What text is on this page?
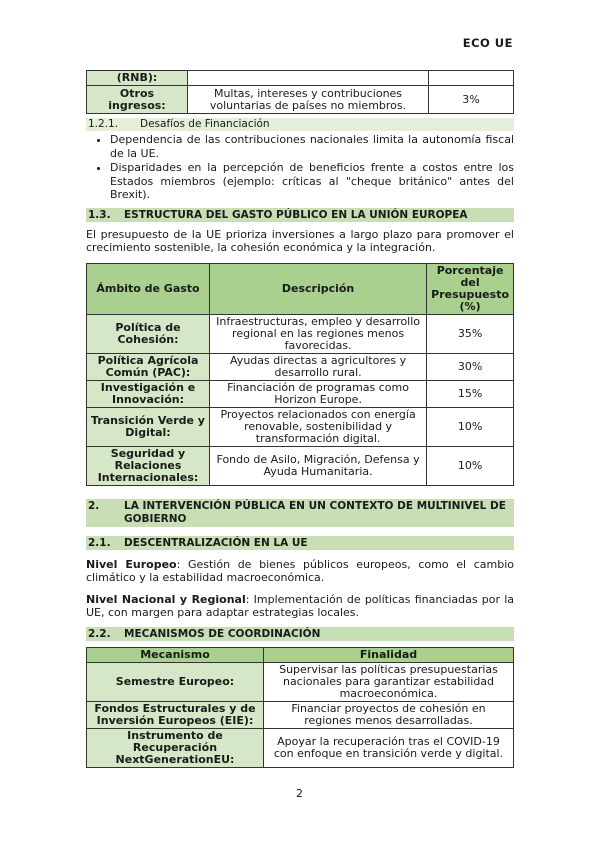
ECO UE
(RNB):		
Otros ingresos:	Multas, intereses y contribuciones voluntarias de países no miembros.	3%
1.2.1. Desafíos de Financiación
• Dependencia de las contribuciones nacionales limita la autonomía fiscal de la UE.
• Disparidades en la percepción de beneficios frente a costos entre los Estados miembros (ejemplo: críticas al "cheque británico" antes del Brexit).
1.3. ESTRUCTURA DEL GASTO PÚBLICO EN LA UNIÓN EUROPEA

El presupuesto de la UE prioriza inversiones a largo plazo para promover el crecimiento sostenible, la cohesión económica y la integración.

Ámbito de Gasto	Descripción	Porcentaje del Presupuesto (%)
Política de Cohesión:	Infraestructuras, empleo y desarrollo regional en las regiones menos favorecidas.	35%
Política Agrícola Común (PAC):	Ayudas directas a agricultores y desarrollo rural.	30%
Investigación e Innovación:	Financiación de programas como Horizon Europe.	15%
Transición Verde y Digital:	Proyectos relacionados con energía renovable, sostenibilidad y transformación digital.	10%
Seguridad y Relaciones Internacionales:	Fondo de Asilo, Migración, Defensa y Ayuda Humanitaria.	10%
2.	LA INTERVENCIÓN PÚBLICA EN UN CONTEXTO DE MULTINIVEL DE GOBIERNO
2.1. DESCENTRALIZACIÓN EN LA UE

Nivel Europeo: Gestión de bienes públicos europeos, como el cambio climático y la estabilidad macroeconómica.

Nivel Nacional y Regional: Implementación de políticas financiadas por la UE, con margen para adaptar estrategias locales.

2.2. MECANISMOS DE COORDINACIÓN
Mecanismo	Finalidad
Semestre Europeo:	Supervisar las políticas presupuestarias nacionales para garantizar estabilidad macroeconómica.
Fondos Estructurales y de Inversión Europeos (EIE):	Financiar proyectos de cohesión en regiones menos desarrolladas.
Instrumento de Recuperación NextGenerationEU:	Apoyar la recuperación tras el COVID-19 con enfoque en transición verde y digital.
2
